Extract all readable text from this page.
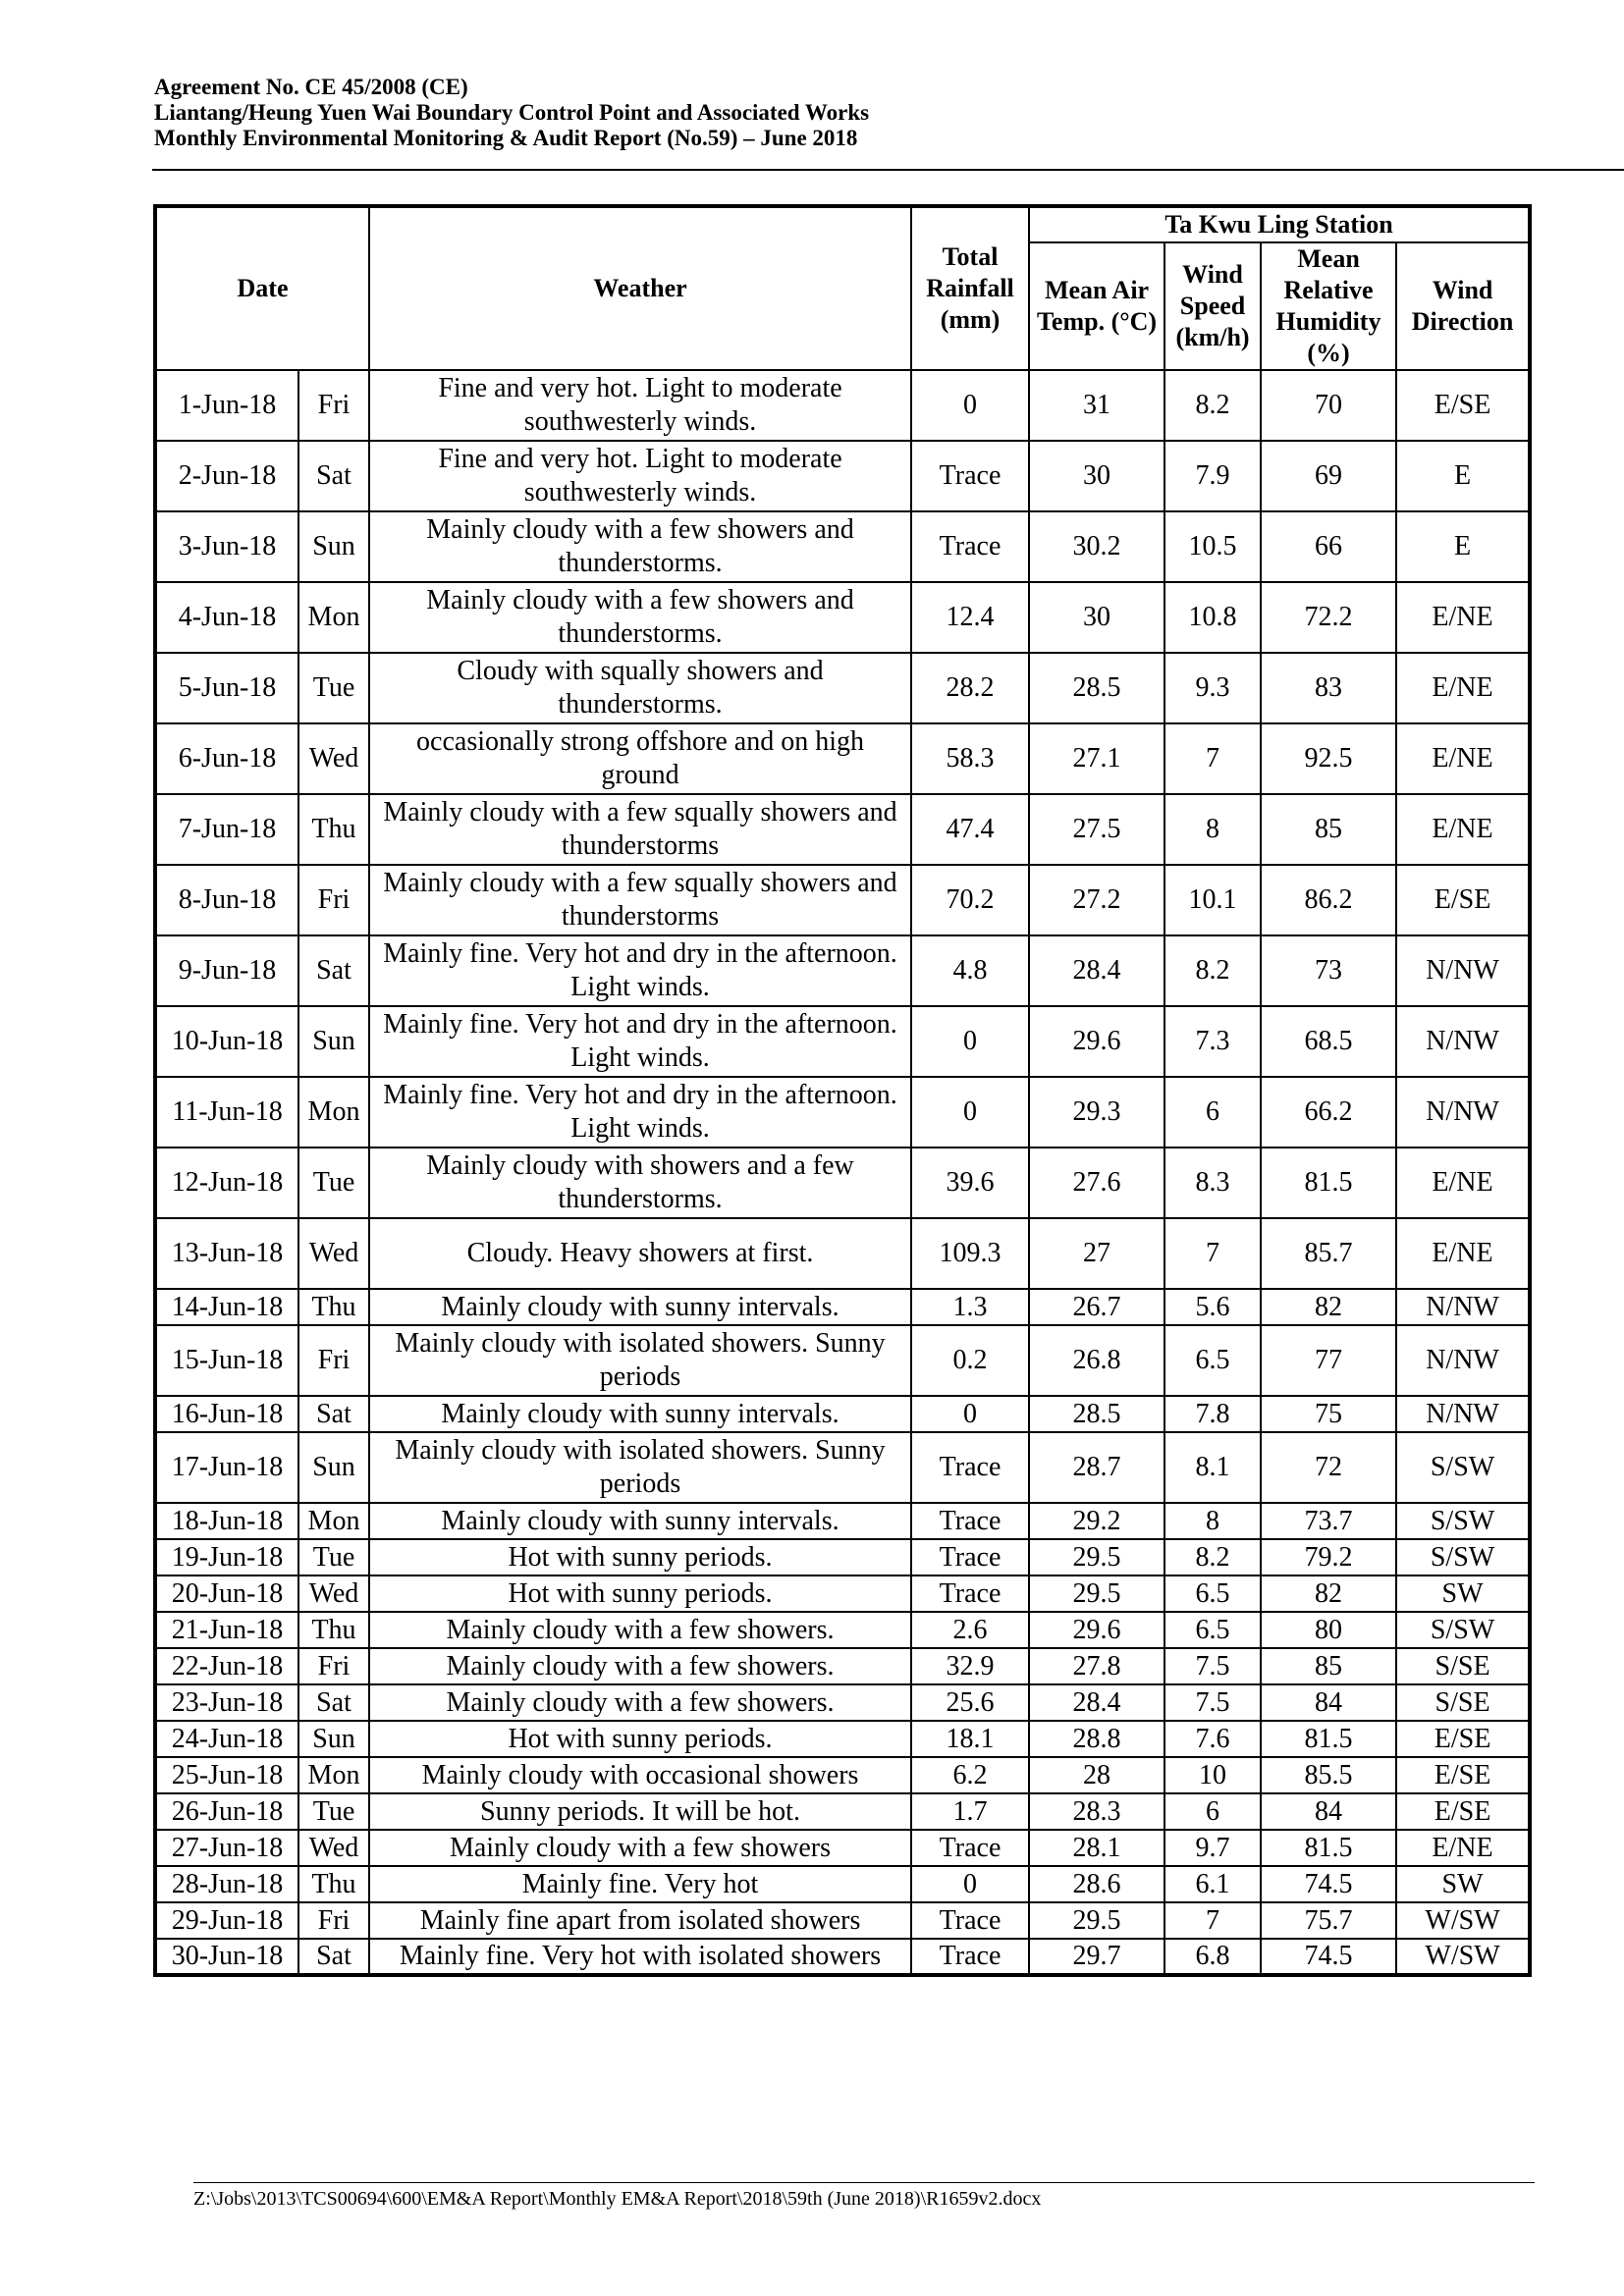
Agreement No. CE 45/2008 (CE)
Liantang/Heung Yuen Wai Boundary Control Point and Associated Works
Monthly Environmental Monitoring & Audit Report (No.59) – June 2018
Date		Weather	Total Rainfall (mm)	Ta Kwu Ling Station			
				Mean Air Temp. (°C)	Wind Speed (km/h)	Mean Relative Humidity (%)	Wind Direction
1-Jun-18	Fri	Fine and very hot. Light to moderate southwesterly winds.	0	31	8.2	70	E/SE
2-Jun-18	Sat	Fine and very hot. Light to moderate southwesterly winds.	Trace	30	7.9	69	E
3-Jun-18	Sun	Mainly cloudy with a few showers and thunderstorms.	Trace	30.2	10.5	66	E
4-Jun-18	Mon	Mainly cloudy with a few showers and thunderstorms.	12.4	30	10.8	72.2	E/NE
5-Jun-18	Tue	Cloudy with squally showers and thunderstorms.	28.2	28.5	9.3	83	E/NE
6-Jun-18	Wed	occasionally strong offshore and on high ground	58.3	27.1	7	92.5	E/NE
7-Jun-18	Thu	Mainly cloudy with a few squally showers and thunderstorms	47.4	27.5	8	85	E/NE
8-Jun-18	Fri	Mainly cloudy with a few squally showers and thunderstorms	70.2	27.2	10.1	86.2	E/SE
9-Jun-18	Sat	Mainly fine. Very hot and dry in the afternoon. Light winds.	4.8	28.4	8.2	73	N/NW
10-Jun-18	Sun	Mainly fine. Very hot and dry in the afternoon. Light winds.	0	29.6	7.3	68.5	N/NW
11-Jun-18	Mon	Mainly fine. Very hot and dry in the afternoon. Light winds.	0	29.3	6	66.2	N/NW
12-Jun-18	Tue	Mainly cloudy with showers and a few thunderstorms.	39.6	27.6	8.3	81.5	E/NE
13-Jun-18	Wed	Cloudy. Heavy showers at first.	109.3	27	7	85.7	E/NE
14-Jun-18	Thu	Mainly cloudy with sunny intervals.	1.3	26.7	5.6	82	N/NW
15-Jun-18	Fri	Mainly cloudy with isolated showers. Sunny periods	0.2	26.8	6.5	77	N/NW
16-Jun-18	Sat	Mainly cloudy with sunny intervals.	0	28.5	7.8	75	N/NW
17-Jun-18	Sun	Mainly cloudy with isolated showers. Sunny periods	Trace	28.7	8.1	72	S/SW
18-Jun-18	Mon	Mainly cloudy with sunny intervals.	Trace	29.2	8	73.7	S/SW
19-Jun-18	Tue	Hot with sunny periods.	Trace	29.5	8.2	79.2	S/SW
20-Jun-18	Wed	Hot with sunny periods.	Trace	29.5	6.5	82	SW
21-Jun-18	Thu	Mainly cloudy with a few showers.	2.6	29.6	6.5	80	S/SW
22-Jun-18	Fri	Mainly cloudy with a few showers.	32.9	27.8	7.5	85	S/SE
23-Jun-18	Sat	Mainly cloudy with a few showers.	25.6	28.4	7.5	84	S/SE
24-Jun-18	Sun	Hot with sunny periods.	18.1	28.8	7.6	81.5	E/SE
25-Jun-18	Mon	Mainly cloudy with occasional showers	6.2	28	10	85.5	E/SE
26-Jun-18	Tue	Sunny periods. It will be hot.	1.7	28.3	6	84	E/SE
27-Jun-18	Wed	Mainly cloudy with a few showers	Trace	28.1	9.7	81.5	E/NE
28-Jun-18	Thu	Mainly fine. Very hot	0	28.6	6.1	74.5	SW
29-Jun-18	Fri	Mainly fine apart from isolated showers	Trace	29.5	7	75.7	W/SW
30-Jun-18	Sat	Mainly fine. Very hot with isolated showers	Trace	29.7	6.8	74.5	W/SW
Z:\Jobs\2013\TCS00694\600\EM&A Report\Monthly EM&A Report\2018\59th (June 2018)\R1659v2.docx
